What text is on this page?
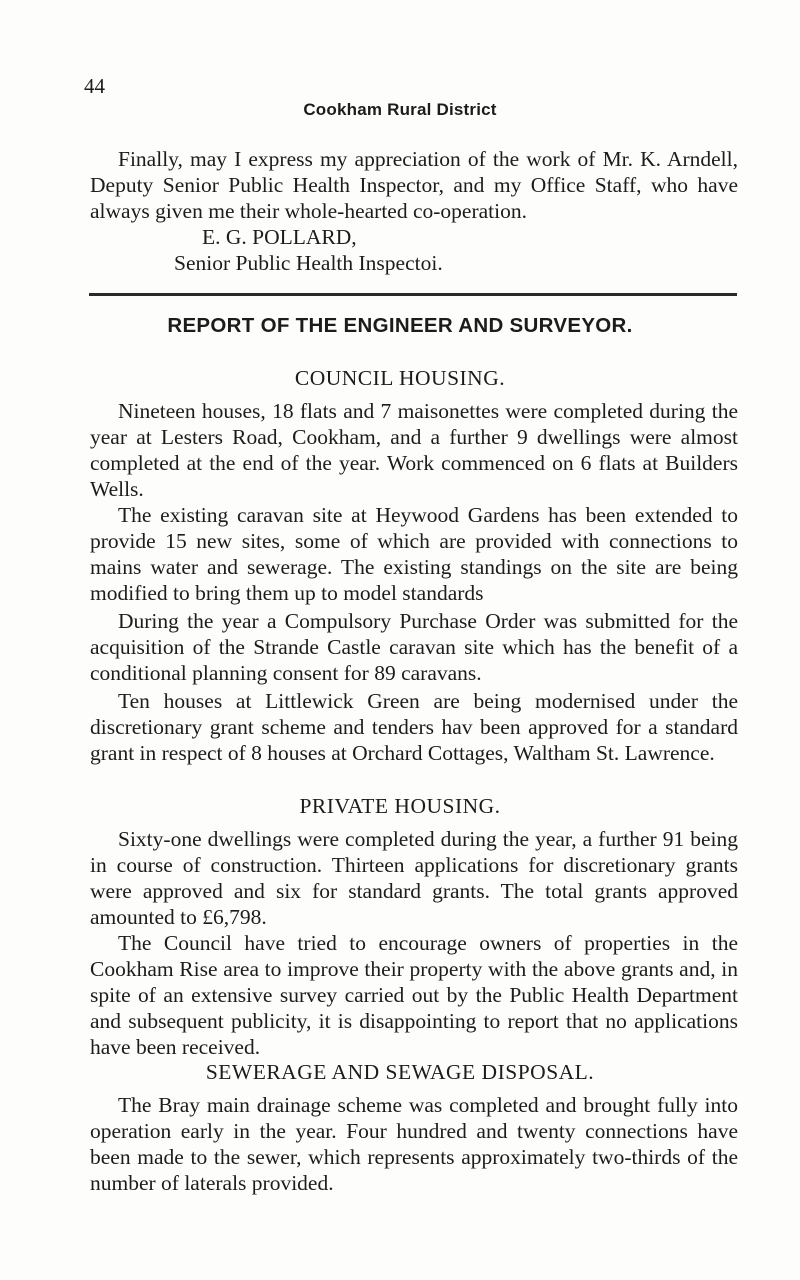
44
Cookham Rural District

Finally, may I express my appreciation of the work of Mr. K. Arndell, Deputy Senior Public Health Inspector, and my Office Staff, who have always given me their whole-hearted co-operation.

E. G. POLLARD,

Senior Public Health Inspectoi.

REPORT OF THE ENGINEER AND SURVEYOR.
COUNCIL HOUSING.

Nineteen houses, 18 flats and 7 maisonettes were completed during the year at Lesters Road, Cookham, and a further 9 dwellings were almost completed at the end of the year. Work commenced on 6 flats at Builders Wells.

The existing caravan site at Heywood Gardens has been extended to provide 15 new sites, some of which are provided with connections to mains water and sewerage. The existing standings on the site are being modified to bring them up to model standards

During the year a Compulsory Purchase Order was submitted for the acquisition of the Strande Castle caravan site which has the benefit of a conditional planning consent for 89 caravans.

Ten houses at Littlewick Green are being modernised under the discretionary grant scheme and tenders hav been approved for a standard grant in respect of 8 houses at Orchard Cottages, Waltham St. Lawrence.

PRIVATE HOUSING.

Sixty-one dwellings were completed during the year, a further 91 being in course of construction. Thirteen applications for discretionary grants were approved and six for standard grants. The total grants approved amounted to £6,798.

The Council have tried to encourage owners of properties in the Cookham Rise area to improve their property with the above grants and, in spite of an extensive survey carried out by the Public Health Department and subsequent publicity, it is disappointing to report that no applications have been received.

SEWERAGE AND SEWAGE DISPOSAL.

The Bray main drainage scheme was completed and brought fully into operation early in the year. Four hundred and twenty connections have been made to the sewer, which represents approximately two-thirds of the number of laterals provided.
